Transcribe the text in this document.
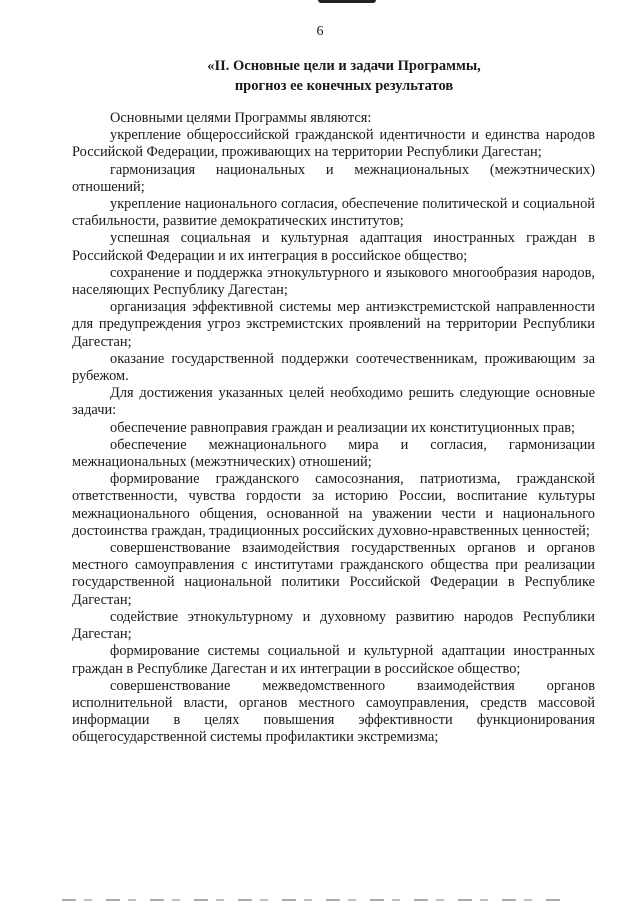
6
«II. Основные цели и задачи Программы,
прогноз ее конечных результатов

Основными целями Программы являются:

укрепление общероссийской гражданской идентичности и единства народов Российской Федерации, проживающих на территории Республики Дагестан;

гармонизация национальных и межнациональных (межэтнических) отношений;

укрепление национального согласия, обеспечение политической и социальной стабильности, развитие демократических институтов;

успешная социальная и культурная адаптация иностранных граждан в Российской Федерации и их интеграция в российское общество;

сохранение и поддержка этнокультурного и языкового многообразия народов, населяющих Республику Дагестан;

организация эффективной системы мер антиэкстремистской направленности для предупреждения угроз экстремистских проявлений на территории Республики Дагестан;

оказание государственной поддержки соотечественникам, проживающим за рубежом.

Для достижения указанных целей необходимо решить следующие основные задачи:

обеспечение равноправия граждан и реализации их конституционных прав;

обеспечение межнационального мира и согласия, гармонизации межнациональных (межэтнических) отношений;

формирование гражданского самосознания, патриотизма, гражданской ответственности, чувства гордости за историю России, воспитание культуры межнационального общения, основанной на уважении чести и национального достоинства граждан, традиционных российских духовно-нравственных ценностей;

совершенствование взаимодействия государственных органов и органов местного самоуправления с институтами гражданского общества при реализации государственной национальной политики Российской Федерации в Республике Дагестан;

содействие этнокультурному и духовному развитию народов Республики Дагестан;

формирование системы социальной и культурной адаптации иностранных граждан в Республике Дагестан и их интеграции в российское общество;

совершенствование межведомственного взаимодействия органов исполнительной власти, органов местного самоуправления, средств массовой информации в целях повышения эффективности функционирования общегосударственной системы профилактики экстремизма;
